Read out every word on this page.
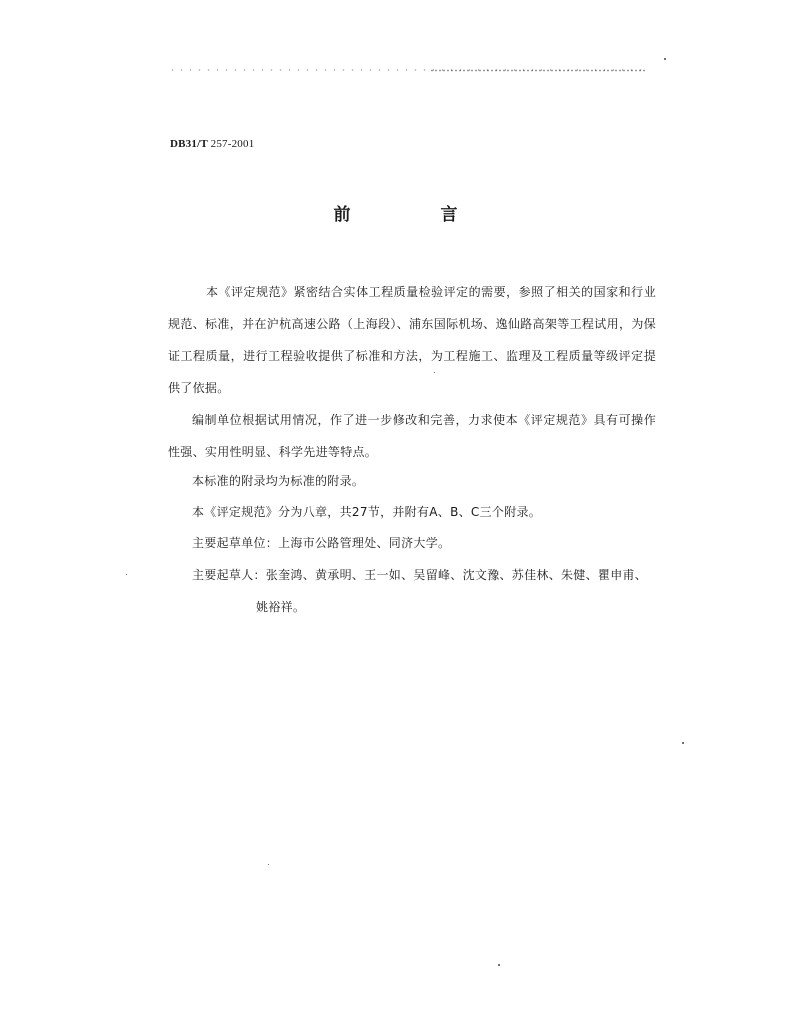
DB31/T 257-2001
前	言

本《评定规范》紧密结合实体工程质量检验评定的需要，参照了相关的国家和行业规范、标准，并在沪杭高速公路（上海段）、浦东国际机场、逸仙路高架等工程试用，为保证工程质量，进行工程验收提供了标准和方法，为工程施工、监理及工程质量等级评定提供了依据。

编制单位根据试用情况，作了进一步修改和完善，力求使本《评定规范》具有可操作性强、实用性明显、科学先进等特点。

本标准的附录均为标准的附录。
本《评定规范》分为八章，共27节，并附有A、B、C三个附录。
主要起草单位：上海市公路管理处、同济大学。
主要起草人：张奎鸿、黄承明、王一如、吴留峰、沈文豫、苏佳林、朱健、瞿申甫、
姚裕祥。
